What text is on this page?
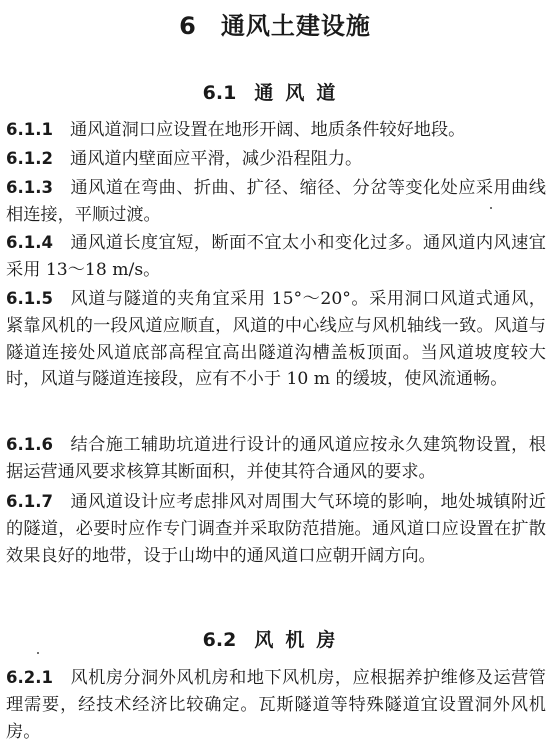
6 通风土建设施
6.1 通风道
6.1.1 通风道洞口应设置在地形开阔、地质条件较好地段。
6.1.2 通风道内壁面应平滑，减少沿程阻力。
6.1.3 通风道在弯曲、折曲、扩径、缩径、分岔等变化处应采用曲线相连接，平顺过渡。
6.1.4 通风道长度宜短，断面不宜太小和变化过多。通风道内风速宜采用 13～18 m/s。
6.1.5 风道与隧道的夹角宜采用 15°～20°。采用洞口风道式通风，紧靠风机的一段风道应顺直，风道的中心线应与风机轴线一致。风道与隧道连接处风道底部高程宜高出隧道沟槽盖板顶面。当风道坡度较大时，风道与隧道连接段，应有不小于 10 m 的缓坡，使风流通畅。
6.1.6 结合施工辅助坑道进行设计的通风道应按永久建筑物设置，根据运营通风要求核算其断面积，并使其符合通风的要求。
6.1.7 通风道设计应考虑排风对周围大气环境的影响，地处城镇附近的隧道，必要时应作专门调查并采取防范措施。通风道口应设置在扩散效果良好的地带，设于山坳中的通风道口应朝开阔方向。
6.2 风机房
6.2.1 风机房分洞外风机房和地下风机房，应根据养护维修及运营管理需要，经技术经济比较确定。瓦斯隧道等特殊隧道宜设置洞外风机房。
